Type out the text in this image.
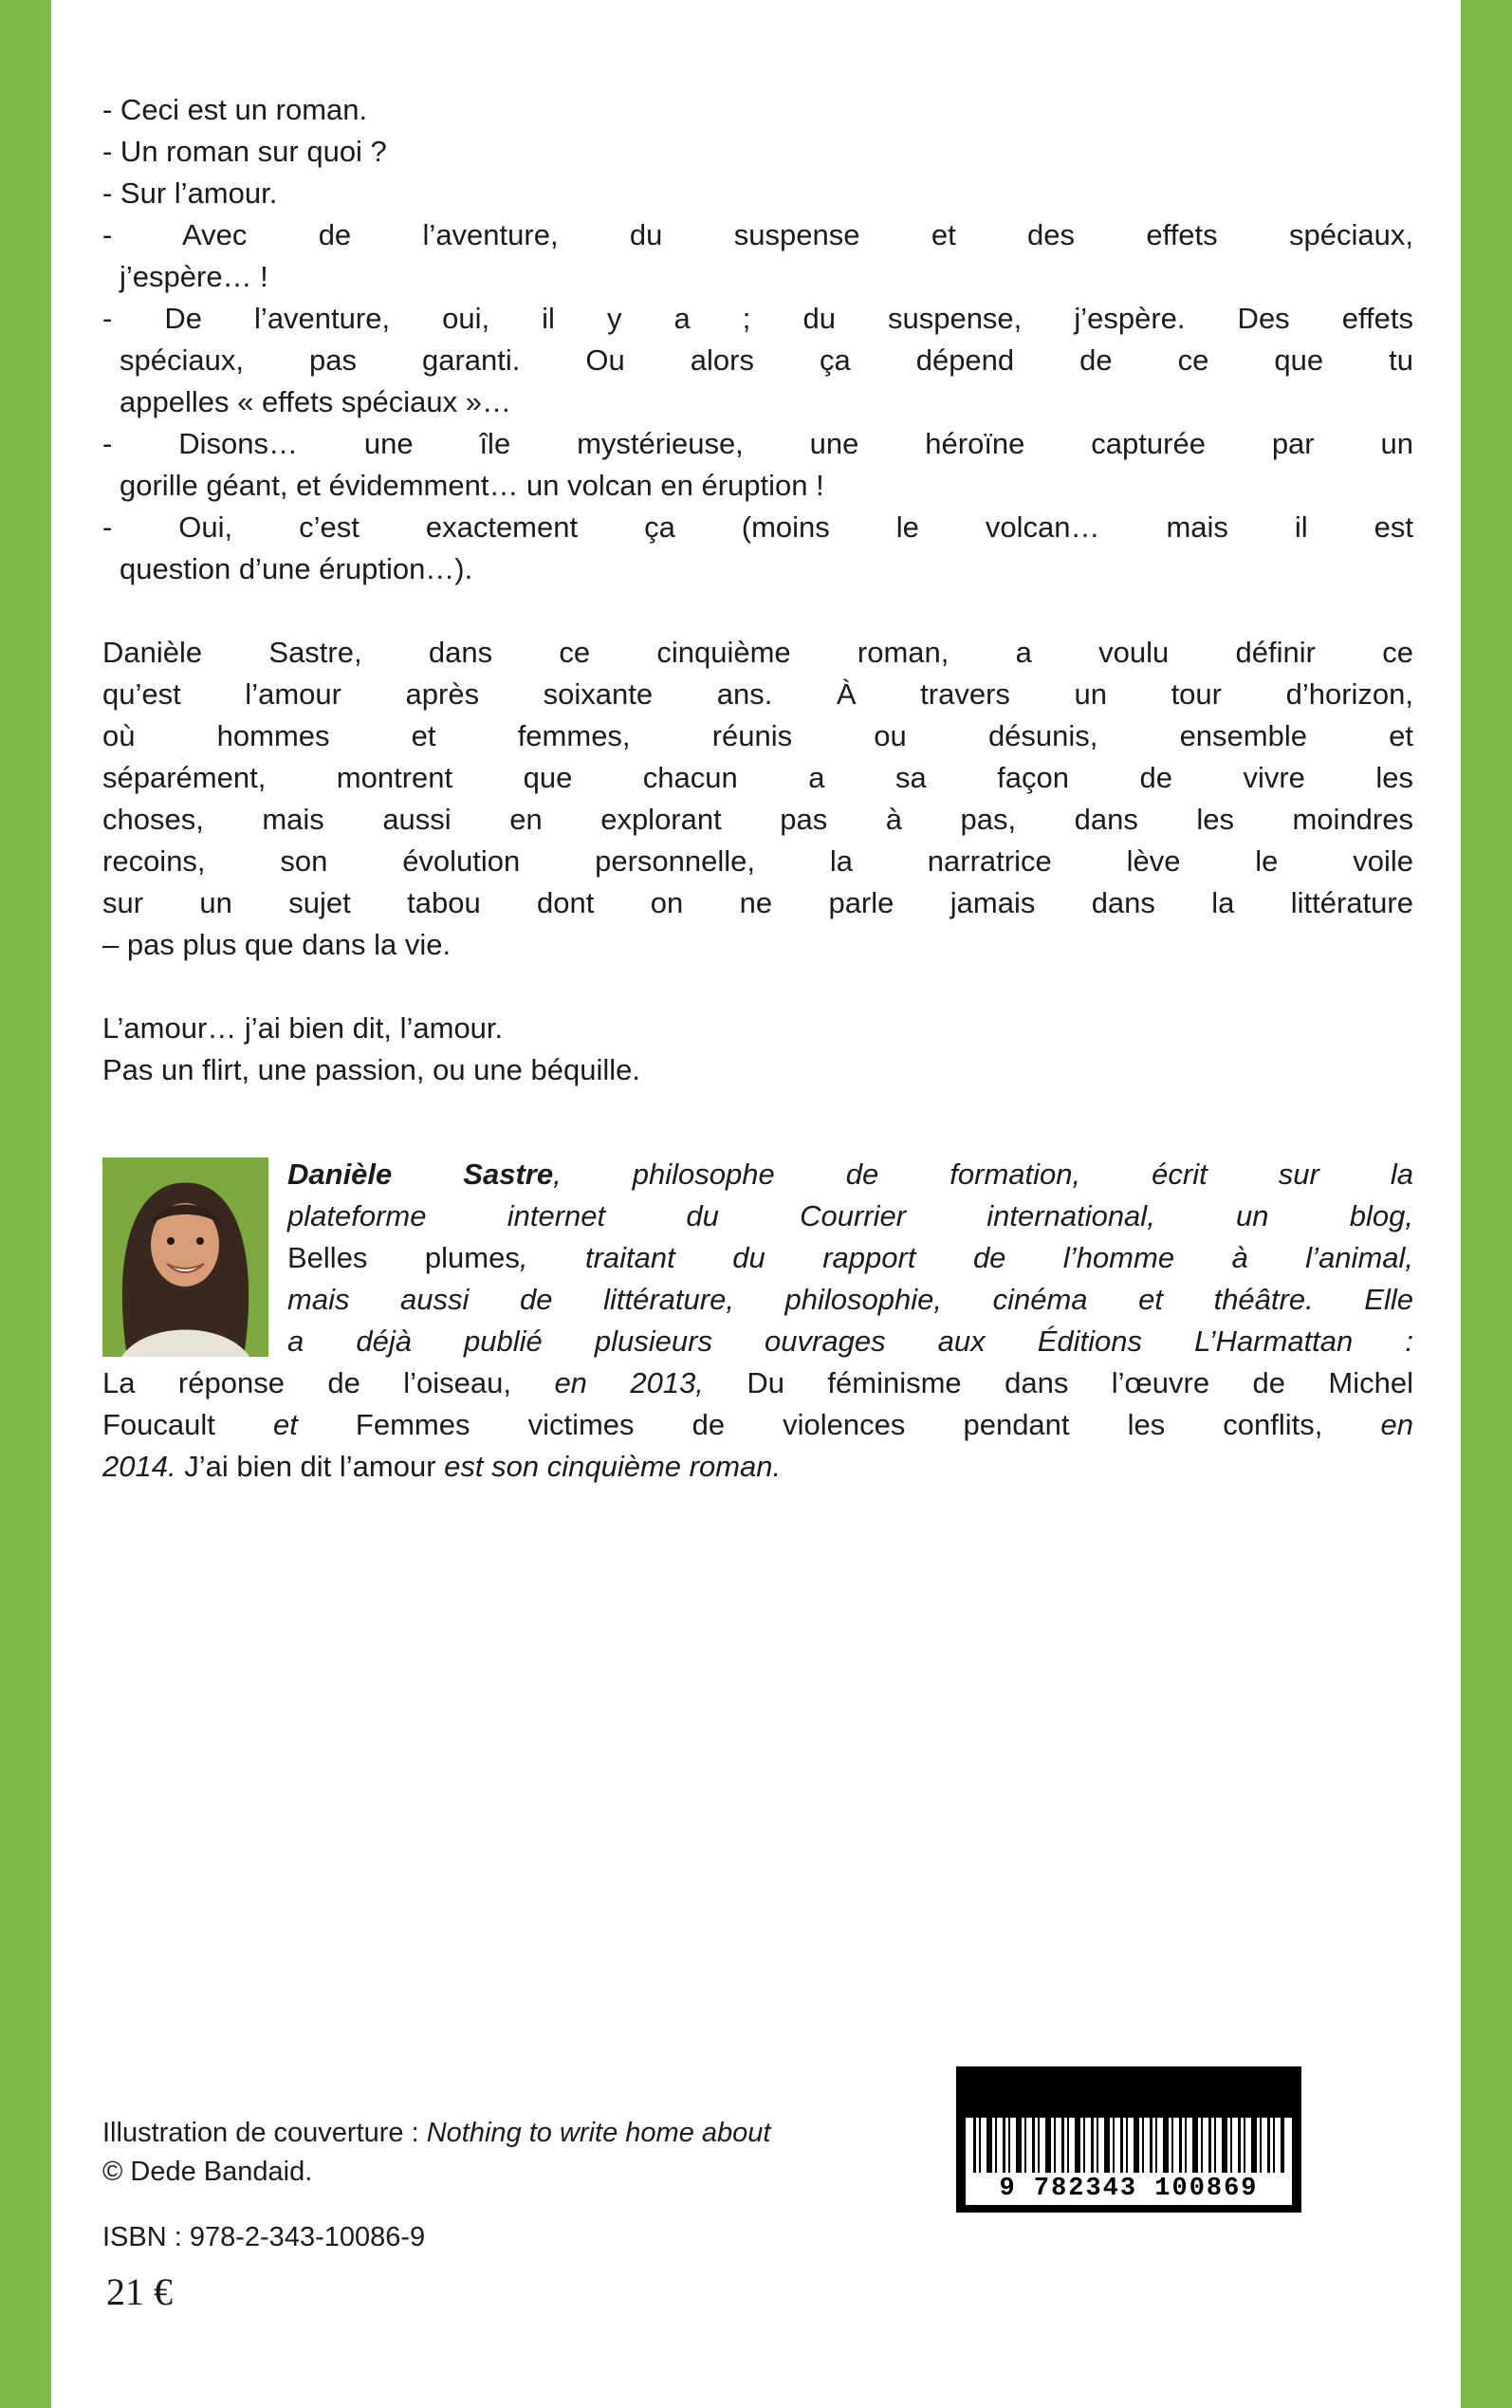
- Ceci est un roman.
- Un roman sur quoi ?
- Sur l’amour.
- Avec de l’aventure, du suspense et des effets spéciaux,
j’espère… !
- De l’aventure, oui, il y a ; du suspense, j’espère. Des effets
spéciaux, pas garanti. Ou alors ça dépend de ce que tu
appelles « effets spéciaux »…
- Disons… une île mystérieuse, une héroïne capturée par un
gorille géant, et évidemment… un volcan en éruption !
- Oui, c’est exactement ça (moins le volcan… mais il est
question d’une éruption…).
Danièle Sastre, dans ce cinquième roman, a voulu définir ce
qu’est l’amour après soixante ans. À travers un tour d’horizon,
où hommes et femmes, réunis ou désunis, ensemble et
séparément, montrent que chacun a sa façon de vivre les
choses, mais aussi en explorant pas à pas, dans les moindres
recoins, son évolution personnelle, la narratrice lève le voile
sur un sujet tabou dont on ne parle jamais dans la littérature
– pas plus que dans la vie.
L’amour… j’ai bien dit, l’amour.
Pas un flirt, une passion, ou une béquille.
Danièle Sastre, philosophe de formation, écrit sur la
plateforme internet du Courrier international, un blog,
Belles plumes, traitant du rapport de l’homme à l’animal,
mais aussi de littérature, philosophie, cinéma et théâtre. Elle
a déjà publié plusieurs ouvrages aux Éditions L’Harmattan :
La réponse de l’oiseau, en 2013, Du féminisme dans l’œuvre de Michel
Foucault et Femmes victimes de violences pendant les conflits, en
2014. J’ai bien dit l’amour est son cinquième roman.
Illustration de couverture : Nothing to write home about
© Dede Bandaid.
9 782343 100869
ISBN : 978-2-343-10086-9
21 €
